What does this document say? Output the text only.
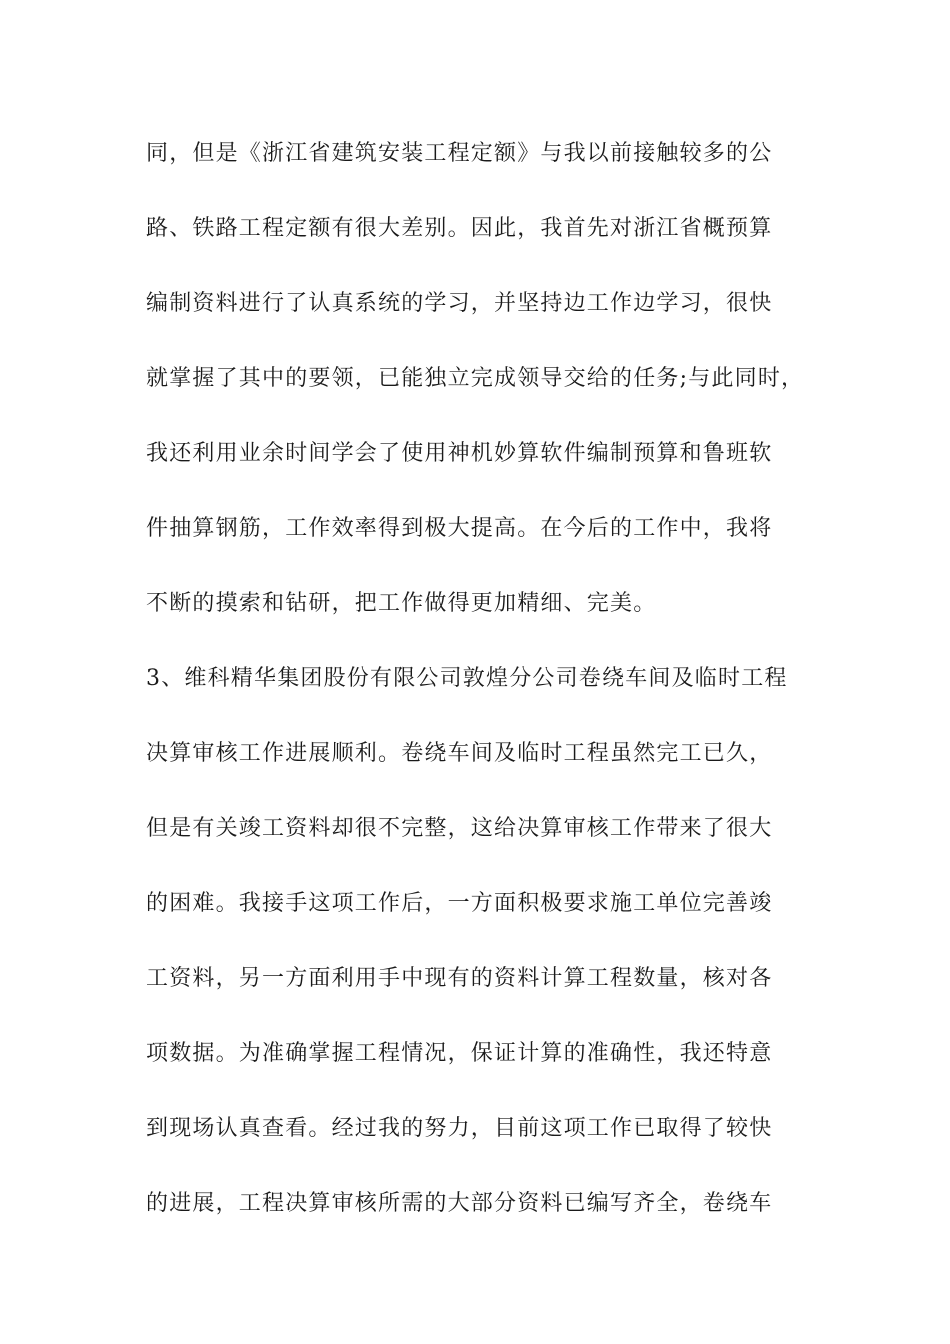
同，但是《浙江省建筑安装工程定额》与我以前接触较多的公
路、铁路工程定额有很大差别。因此，我首先对浙江省概预算
编制资料进行了认真系统的学习，并坚持边工作边学习，很快
就掌握了其中的要领，已能独立完成领导交给的任务;与此同时，
我还利用业余时间学会了使用神机妙算软件编制预算和鲁班软
件抽算钢筋，工作效率得到极大提高。在今后的工作中，我将
不断的摸索和钻研，把工作做得更加精细、完美。
3、维科精华集团股份有限公司敦煌分公司卷绕车间及临时工程
决算审核工作进展顺利。卷绕车间及临时工程虽然完工已久，
但是有关竣工资料却很不完整，这给决算审核工作带来了很大
的困难。我接手这项工作后，一方面积极要求施工单位完善竣
工资料，另一方面利用手中现有的资料计算工程数量，核对各
项数据。为准确掌握工程情况，保证计算的准确性，我还特意
到现场认真查看。经过我的努力，目前这项工作已取得了较快
的进展，工程决算审核所需的大部分资料已编写齐全，卷绕车
